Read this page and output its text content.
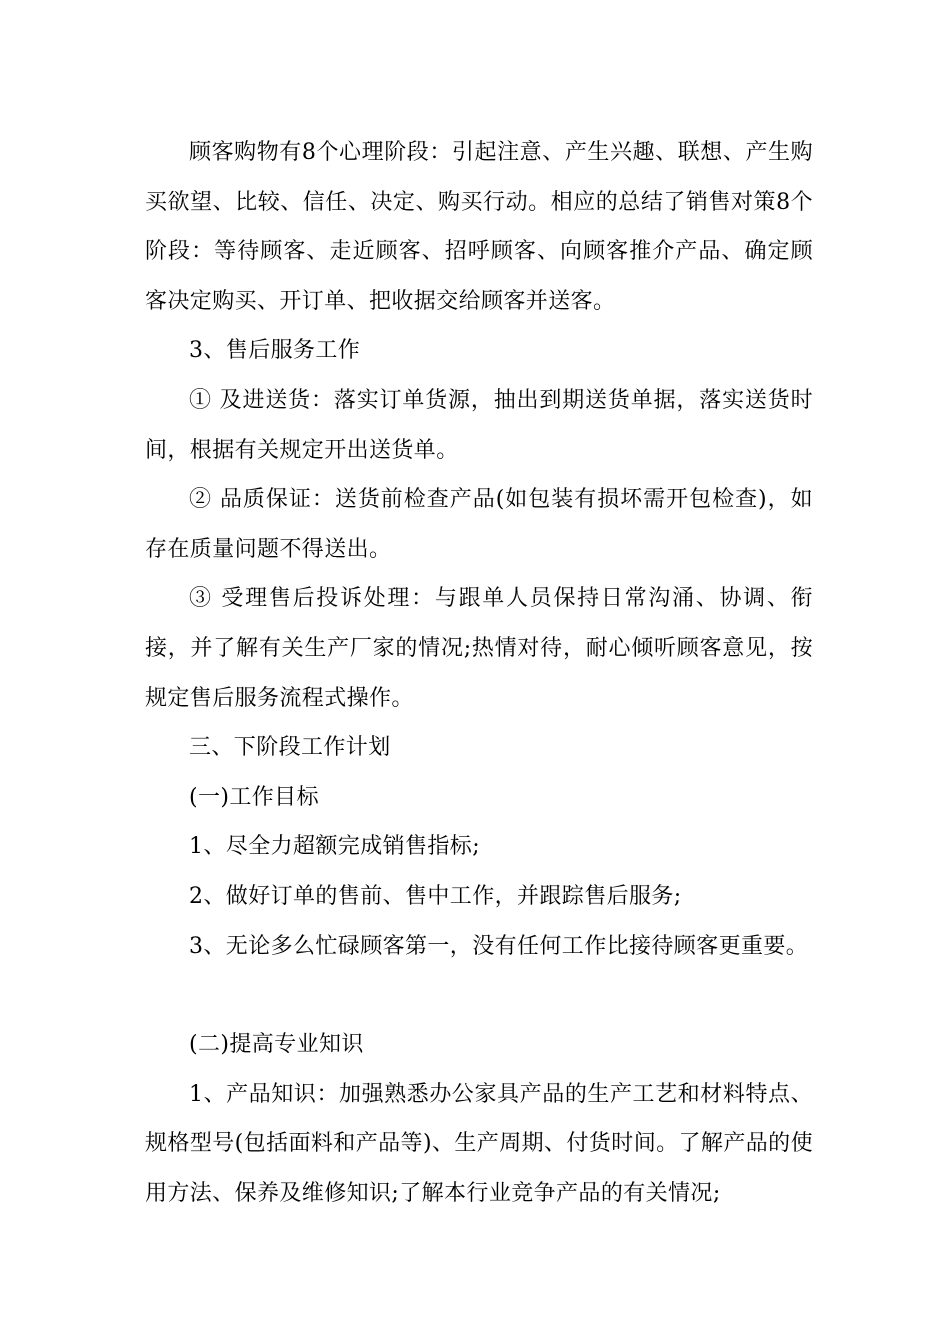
顾客购物有8个心理阶段：引起注意、产生兴趣、联想、产生购买欲望、比较、信任、决定、购买行动。相应的总结了销售对策8个阶段：等待顾客、走近顾客、招呼顾客、向顾客推介产品、确定顾客决定购买、开订单、把收据交给顾客并送客。

3、售后服务工作

① 及进送货：落实订单货源，抽出到期送货单据，落实送货时间，根据有关规定开出送货单。

② 品质保证：送货前检查产品(如包装有损坏需开包检查)，如存在质量问题不得送出。

③ 受理售后投诉处理：与跟单人员保持日常沟涌、协调、衔接，并了解有关生产厂家的情况;热情对待，耐心倾听顾客意见，按规定售后服务流程式操作。

三、下阶段工作计划

(一)工作目标

1、尽全力超额完成销售指标;

2、做好订单的售前、售中工作，并跟踪售后服务;

3、无论多么忙碌顾客第一，没有任何工作比接待顾客更重要。

(二)提高专业知识

1、产品知识：加强熟悉办公家具产品的生产工艺和材料特点、规格型号(包括面料和产品等)、生产周期、付货时间。了解产品的使用方法、保养及维修知识;了解本行业竞争产品的有关情况;
